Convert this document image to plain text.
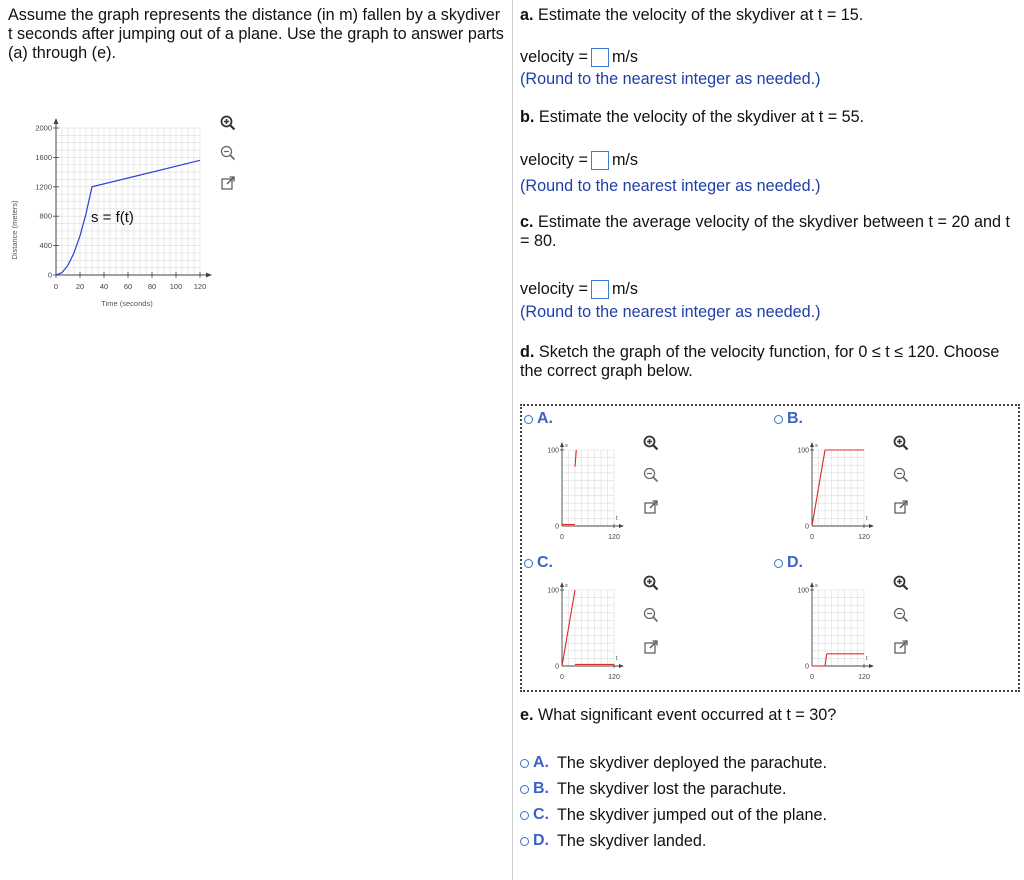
Assume the graph represents the distance (in m) fallen by a skydiver t seconds after jumping out of a plane. Use the graph to answer parts (a) through (e).
Distance (meters)
Time (seconds)
2000
1600
1200
800
400
0
0 20 40 60 80 100 120
s = f(t)
a. Estimate the velocity of the skydiver at t = 15.
velocity = m/s
(Round to the nearest integer as needed.)
b. Estimate the velocity of the skydiver at t = 55.
velocity = m/s
(Round to the nearest integer as needed.)
c. Estimate the average velocity of the skydiver between t = 20 and t = 80.
velocity = m/s
(Round to the nearest integer as needed.)
d. Sketch the graph of the velocity function, for 0 ≤ t ≤ 120. Choose the correct graph below.
A.
100
0
0	120
s
t
B.
100
0
0	120
s
t
C.
100
0
0	120
s
t
D.
100
0
0	120
s
t
e. What significant event occurred at t = 30?
A. The skydiver deployed the parachute.
B. The skydiver lost the parachute.
C. The skydiver jumped out of the plane.
D. The skydiver landed.
